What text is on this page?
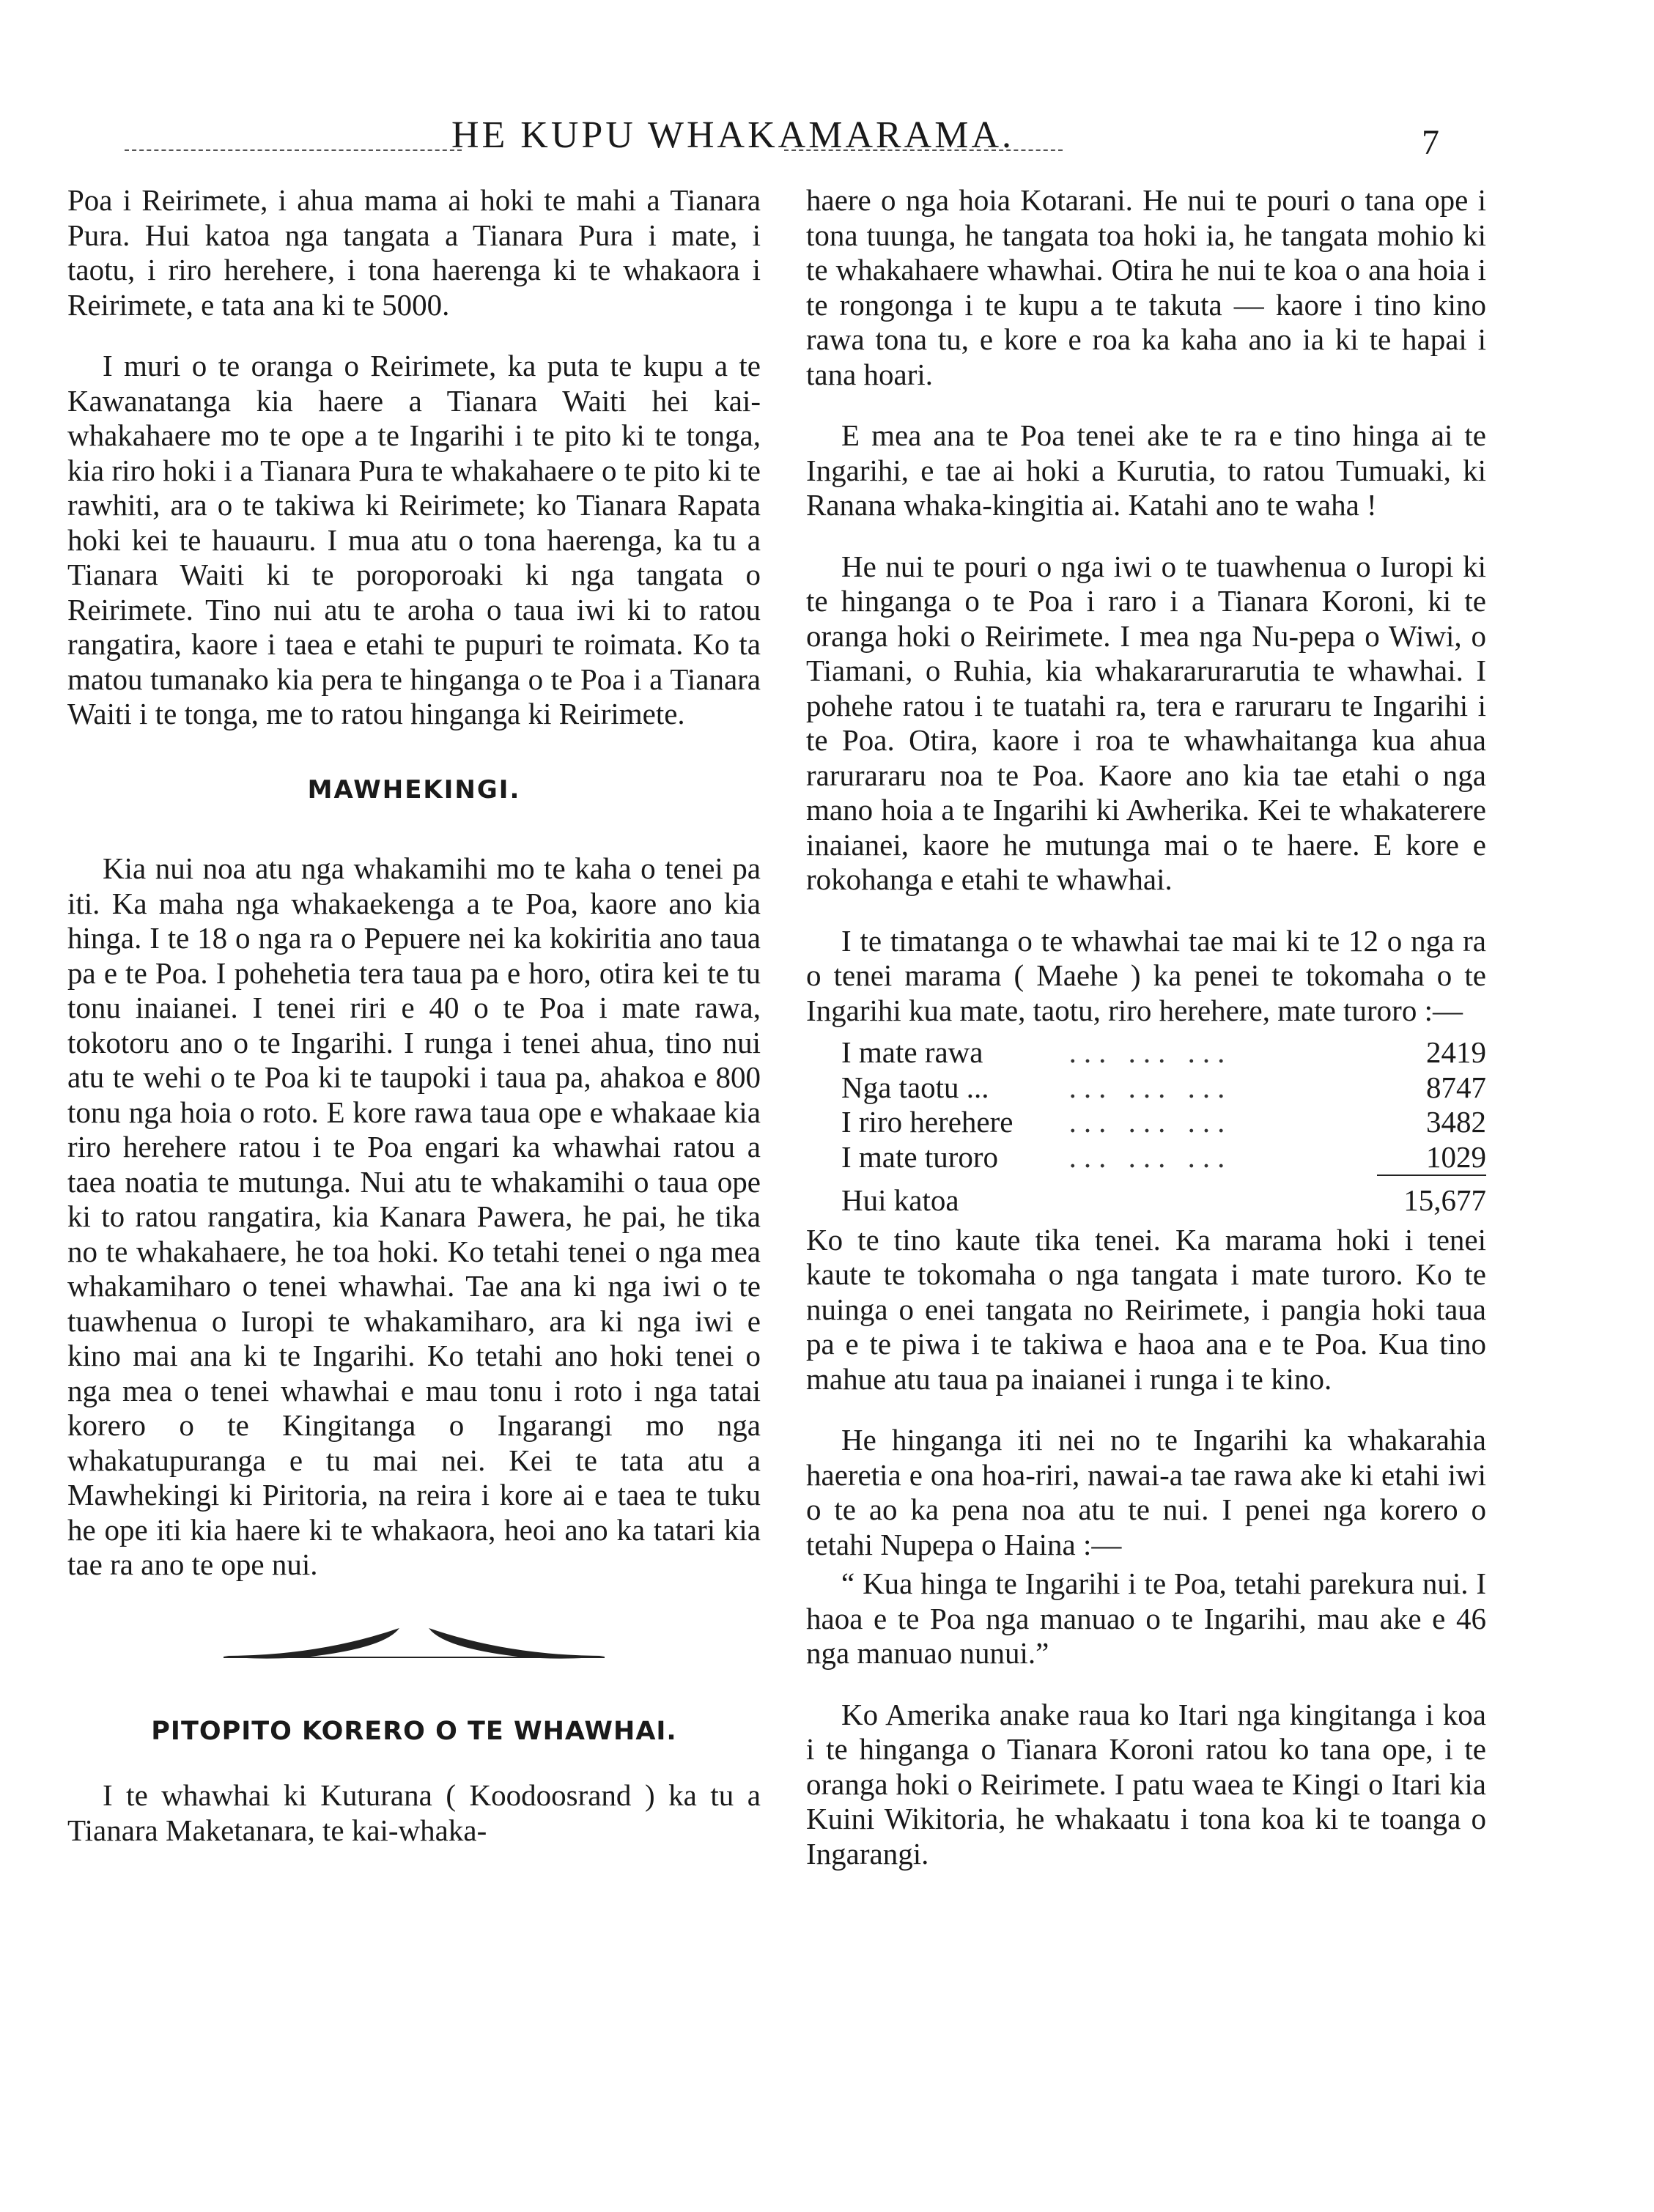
HE KUPU WHAKAMARAMA.	7

Poa i Reirimete, i ahua mama ai hoki te mahi a Tianara Pura. Hui katoa nga tangata a Tianara Pura i mate, i taotu, i riro herehere, i tona haerenga ki te whakaora i Reirimete, e tata ana ki te 5000.

I muri o te oranga o Reirimete, ka puta te kupu a te Kawanatanga kia haere a Tianara Waiti hei kai-whakahaere mo te ope a te Ingarihi i te pito ki te tonga, kia riro hoki i a Tianara Pura te whakahaere o te pito ki te rawhiti, ara o te takiwa ki Reirimete; ko Tianara Rapata hoki kei te hauauru. I mua atu o tona haerenga, ka tu a Tianara Waiti ki te poroporoaki ki nga tangata o Reirimete. Tino nui atu te aroha o taua iwi ki to ratou rangatira, kaore i taea e etahi te pupuri te roimata. Ko ta matou tumanako kia pera te hinganga o te Poa i a Tianara Waiti i te tonga, me to ratou hinganga ki Reirimete.

MAWHEKINGI.

Kia nui noa atu nga whakamihi mo te kaha o tenei pa iti. Ka maha nga whakaekenga a te Poa, kaore ano kia hinga. I te 18 o nga ra o Pepuere nei ka kokiritia ano taua pa e te Poa. I pohehetia tera taua pa e horo, otira kei te tu tonu inaianei. I tenei riri e 40 o te Poa i mate rawa, tokotoru ano o te Ingarihi. I runga i tenei ahua, tino nui atu te wehi o te Poa ki te taupoki i taua pa, ahakoa e 800 tonu nga hoia o roto. E kore rawa taua ope e whakaae kia riro herehere ratou i te Poa engari ka whawhai ratou a taea noatia te mutunga. Nui atu te whakamihi o taua ope ki to ratou rangatira, kia Kanara Pawera, he pai, he tika no te whakahaere, he toa hoki. Ko tetahi tenei o nga mea whakamiharo o tenei whawhai. Tae ana ki nga iwi o te tuawhenua o Iuropi te whakamiharo, ara ki nga iwi e kino mai ana ki te Ingarihi. Ko tetahi ano hoki tenei o nga mea o tenei whawhai e mau tonu i roto i nga tatai korero o te Kingitanga o Ingarangi mo nga whakatupuranga e tu mai nei. Kei te tata atu a Mawhekingi ki Piritoria, na reira i kore ai e taea te tuku he ope iti kia haere ki te whakaora, heoi ano ka tatari kia tae ra ano te ope nui.

PITOPITO KORERO O TE WHAWHAI.

I te whawhai ki Kuturana ( Koodoosrand ) ka tu a Tianara Maketanara, te kai-whaka-

haere o nga hoia Kotarani. He nui te pouri o tana ope i tona tuunga, he tangata toa hoki ia, he tangata mohio ki te whakahaere whawhai. Otira he nui te koa o ana hoia i te rongonga i te kupu a te takuta — kaore i tino kino rawa tona tu, e kore e roa ka kaha ano ia ki te hapai i tana hoari.

E mea ana te Poa tenei ake te ra e tino hinga ai te Ingarihi, e tae ai hoki a Kurutia, to ratou Tumuaki, ki Ranana whaka-kingitia ai. Katahi ano te waha !

He nui te pouri o nga iwi o te tuawhenua o Iuropi ki te hinganga o te Poa i raro i a Tianara Koroni, ki te oranga hoki o Reirimete. I mea nga Nu-pepa o Wiwi, o Tiamani, o Ruhia, kia whakararurarutia te whawhai. I pohehe ratou i te tuatahi ra, tera e raruraru te Ingarihi i te Poa. Otira, kaore i roa te whawhaitanga kua ahua rarurararu noa te Poa. Kaore ano kia tae etahi o nga mano hoia a te Ingarihi ki Awherika. Kei te whakaterere inaianei, kaore he mutunga mai o te haere. E kore e rokohanga e etahi te whawhai.

I te timatanga o te whawhai tae mai ki te 12 o nga ra o tenei marama ( Maehe ) ka penei te tokomaha o te Ingarihi kua mate, taotu, riro herehere, mate turoro :—

I mate rawa	... ... ...	2419
Nga taotu ...	... ... ...	8747
I riro herehere	... ... ...	3482
I mate turoro	... ... ...	1029
Hui katoa		15,677

Ko te tino kaute tika tenei. Ka marama hoki i tenei kaute te tokomaha o nga tangata i mate turoro. Ko te nuinga o enei tangata no Reirimete, i pangia hoki taua pa e te piwa i te takiwa e haoa ana e te Poa. Kua tino mahue atu taua pa inaianei i runga i te kino.

He hinganga iti nei no te Ingarihi ka whakarahia haeretia e ona hoa-riri, nawai-a tae rawa ake ki etahi iwi o te ao ka pena noa atu te nui. I penei nga korero o tetahi Nupepa o Haina :—

“ Kua hinga te Ingarihi i te Poa, tetahi parekura nui. I haoa e te Poa nga manuao o te Ingarihi, mau ake e 46 nga manuao nunui.”

Ko Amerika anake raua ko Itari nga kingitanga i koa i te hinganga o Tianara Koroni ratou ko tana ope, i te oranga hoki o Reirimete. I patu waea te Kingi o Itari kia Kuini Wikitoria, he whakaatu i tona koa ki te toanga o Ingarangi.
